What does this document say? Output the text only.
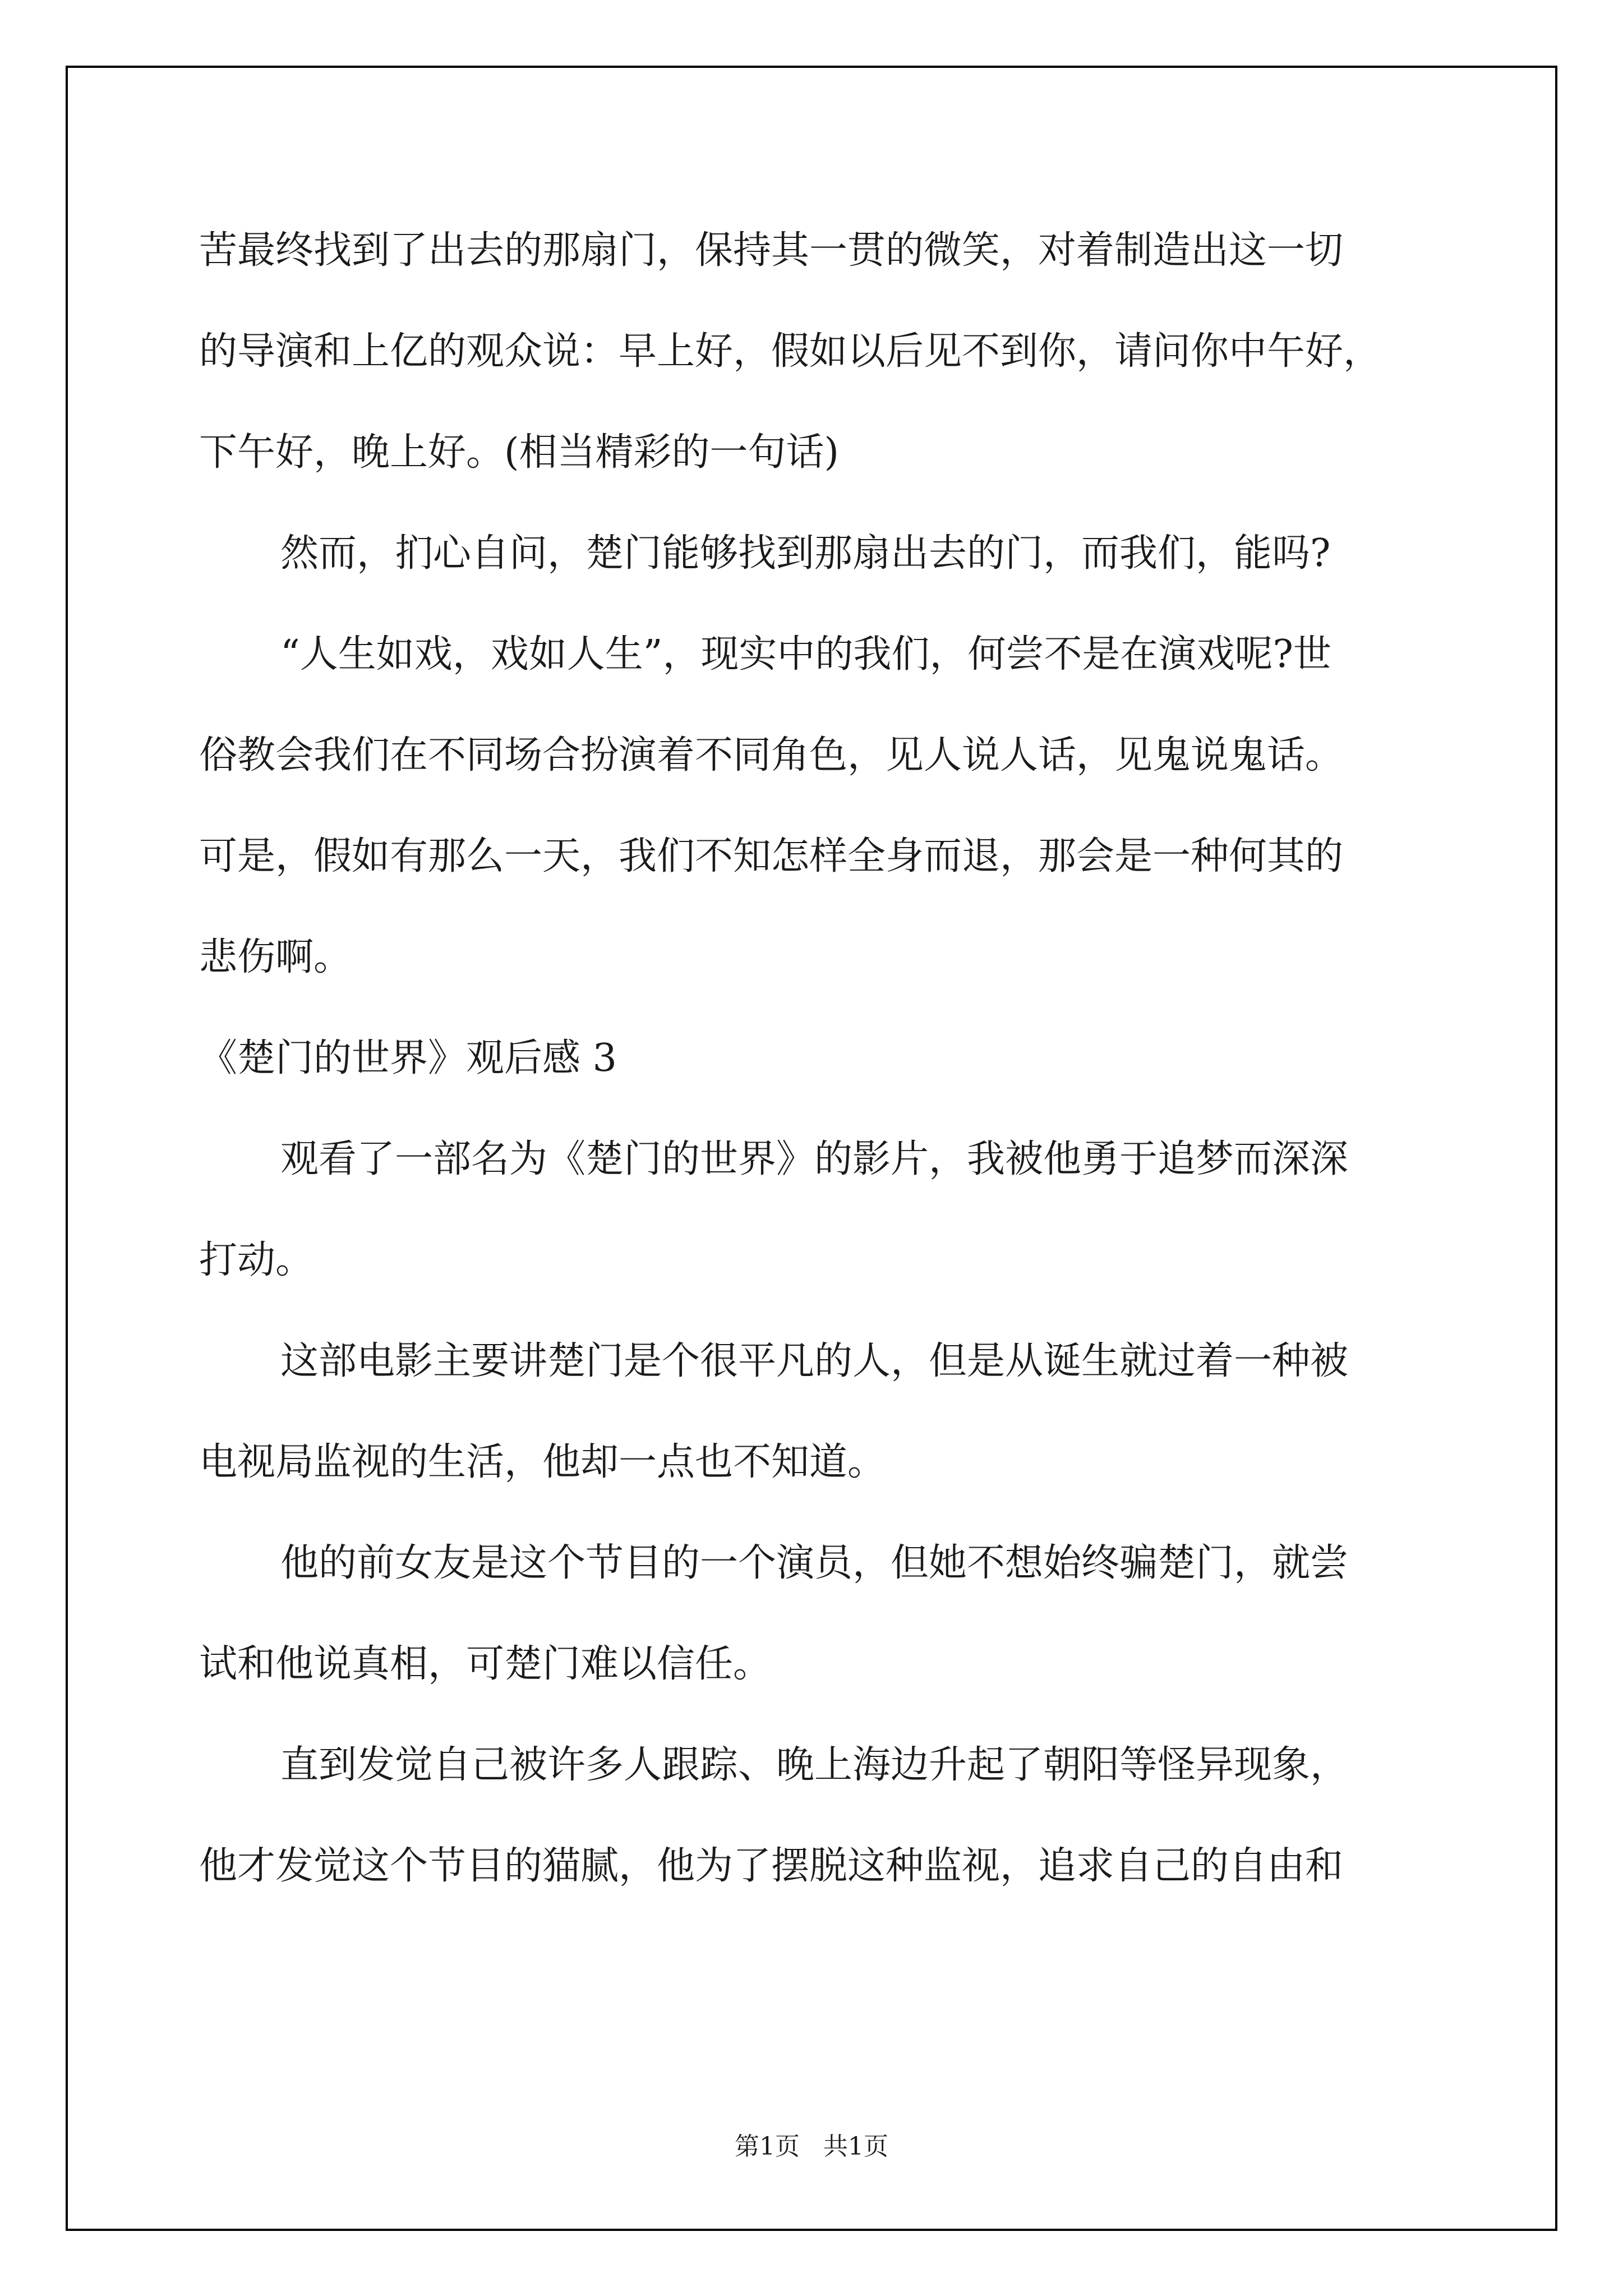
苦最终找到了出去的那扇门，保持其一贯的微笑，对着制造出这一切
的导演和上亿的观众说：早上好，假如以后见不到你，请问你中午好，
下午好，晚上好。(相当精彩的一句话)
然而，扪心自问，楚门能够找到那扇出去的门，而我们，能吗?
“人生如戏，戏如人生”，现实中的我们，何尝不是在演戏呢?世
俗教会我们在不同场合扮演着不同角色，见人说人话，见鬼说鬼话。
可是，假如有那么一天，我们不知怎样全身而退，那会是一种何其的
悲伤啊。
《楚门的世界》观后感 3
观看了一部名为《楚门的世界》的影片，我被他勇于追梦而深深
打动。
这部电影主要讲楚门是个很平凡的人，但是从诞生就过着一种被
电视局监视的生活，他却一点也不知道。
他的前女友是这个节目的一个演员，但她不想始终骗楚门，就尝
试和他说真相，可楚门难以信任。
直到发觉自己被许多人跟踪、晚上海边升起了朝阳等怪异现象，
他才发觉这个节目的猫腻，他为了摆脱这种监视，追求自己的自由和
第1页   共1页
